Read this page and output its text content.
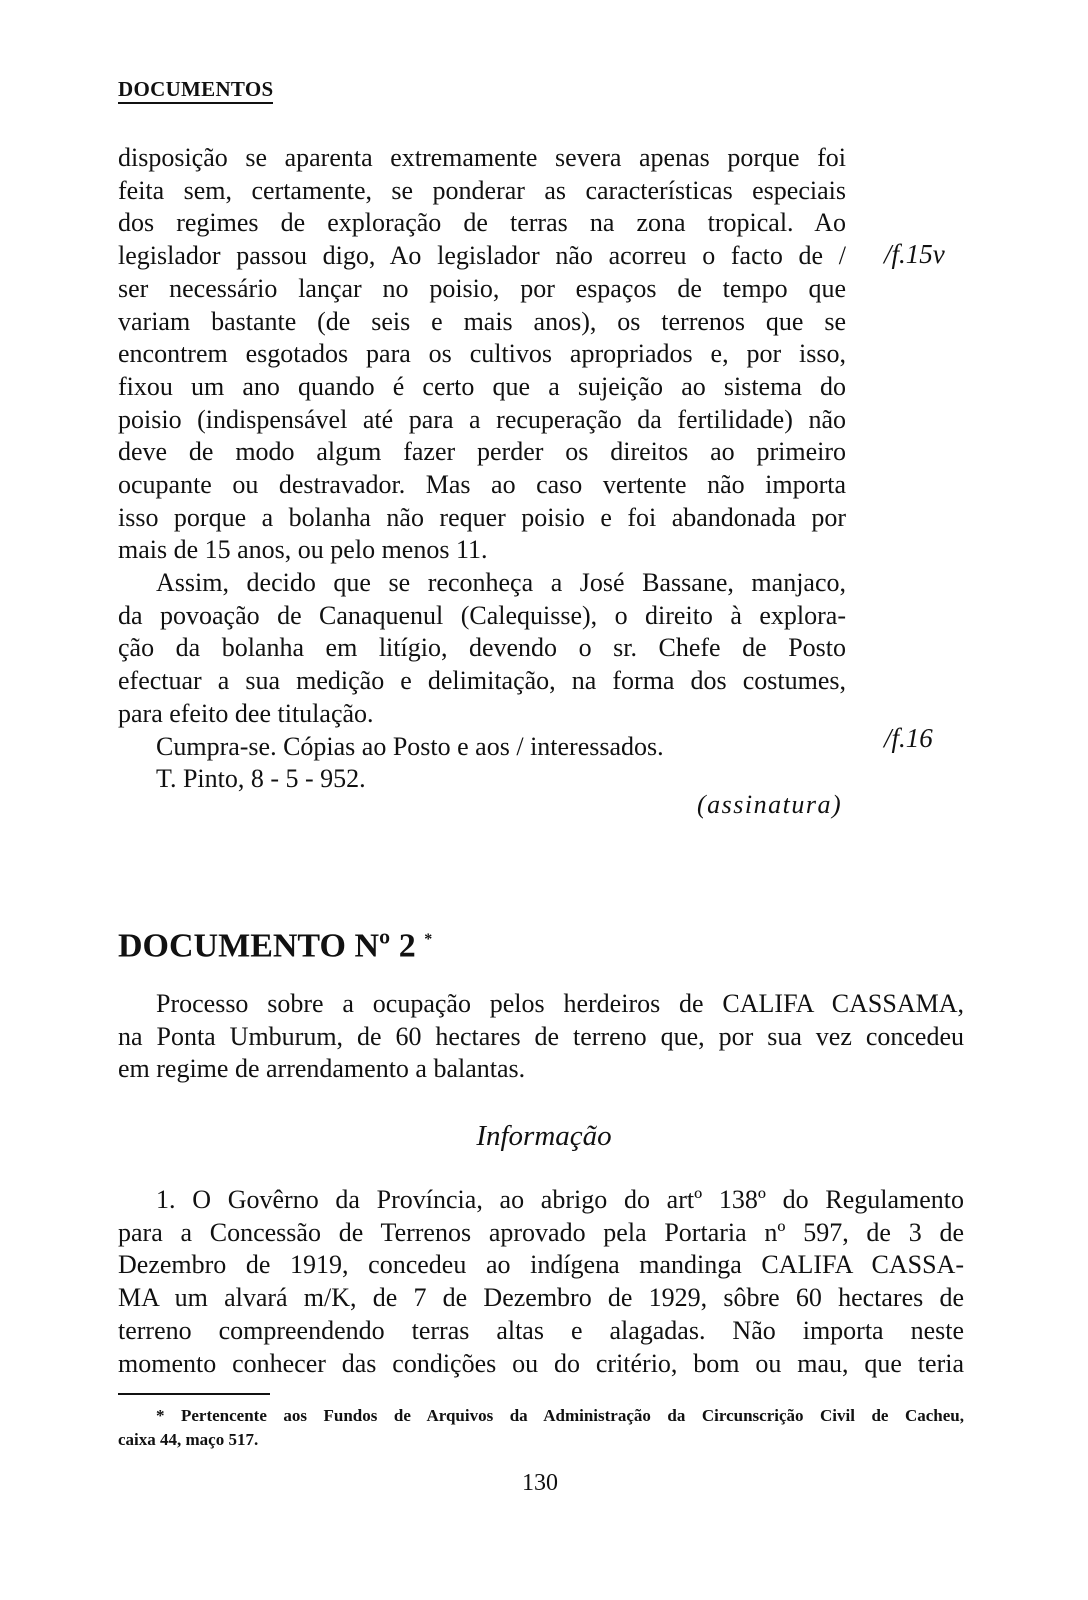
DOCUMENTOS
disposição se aparenta extremamente severa apenas porque foi
feita sem, certamente, se ponderar as características especiais
dos regimes de exploração de terras na zona tropical. Ao
legislador passou digo, Ao legislador não acorreu o facto de /
ser necessário lançar no poisio, por espaços de tempo que
variam bastante (de seis e mais anos), os terrenos que se
encontrem esgotados para os cultivos apropriados e, por isso,
fixou um ano quando é certo que a sujeição ao sistema do
poisio (indispensável até para a recuperação da fertilidade) não
deve de modo algum fazer perder os direitos ao primeiro
ocupante ou destravador. Mas ao caso vertente não importa
isso porque a bolanha não requer poisio e foi abandonada por
mais de 15 anos, ou pelo menos 11.
Assim, decido que se reconheça a José Bassane, manjaco,
da povoação de Canaquenul (Calequisse), o direito à explora-
ção da bolanha em litígio, devendo o sr. Chefe de Posto
efectuar a sua medição e delimitação, na forma dos costumes,
para efeito dee titulação.
Cumpra-se. Cópias ao Posto e aos / interessados.
T. Pinto, 8 - 5 - 952.
(assinatura)
/f.15v
/f.16
DOCUMENTO Nº 2 *
Processo sobre a ocupação pelos herdeiros de CALIFA CASSAMA,
na Ponta Umburum, de 60 hectares de terreno que, por sua vez concedeu
em regime de arrendamento a balantas.
Informação
1. O Govêrno da Província, ao abrigo do artº 138º do Regulamento
para a Concessão de Terrenos aprovado pela Portaria nº 597, de 3 de
Dezembro de 1919, concedeu ao indígena mandinga CALIFA CASSA-
MA um alvará m/K, de 7 de Dezembro de 1929, sôbre 60 hectares de
terreno compreendendo terras altas e alagadas. Não importa neste
momento conhecer das condições ou do critério, bom ou mau, que teria
* Pertencente aos Fundos de Arquivos da Administração da Circunscrição Civil de Cacheu,
caixa 44, maço 517.
130
